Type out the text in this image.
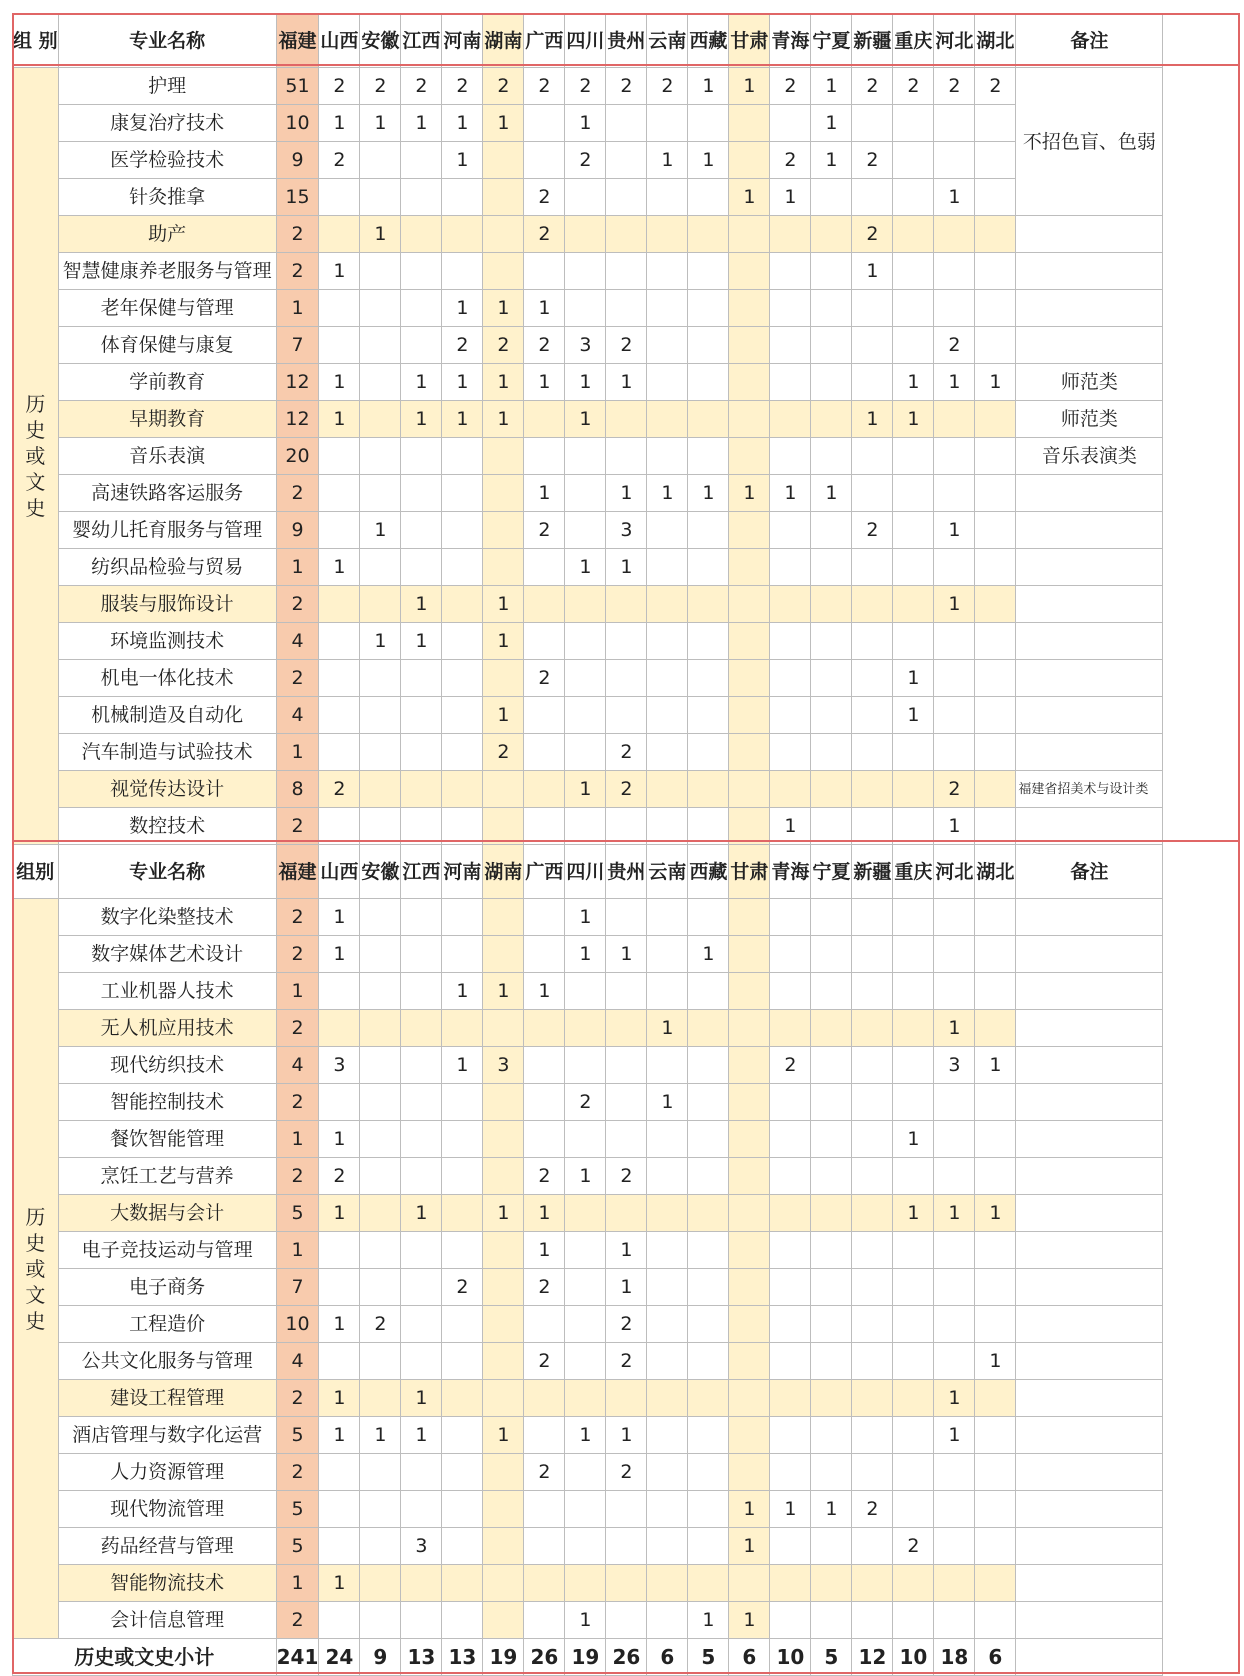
组 别	专业名称	福建	山西	安徽	江西	河南	湖南	广西	四川	贵州	云南	西藏	甘肃	青海	宁夏	新疆	重庆	河北	湖北	备注

历
史
或
文
史	护理	51	2	2	2	2	2	2	2	2	2	1	1	2	1	2	2	2	2	不招色盲、色弱
	康复治疗技术	10	1	1	1	1	1		1						1					
	医学检验技术	9	2			1			2		1	1		2	1	2				
	针灸推拿	15						2					1	1				1		
	助产	2		1				2								2				
	智慧健康养老服务与管理	2	1													1				
	老年保健与管理	1				1	1	1												
	体育保健与康复	7				2	2	2	3	2								2		
	学前教育	12	1		1	1	1	1	1	1							1	1	1	师范类
	早期教育	12	1		1	1	1		1							1	1			师范类
	音乐表演	20																		音乐表演类
	高速铁路客运服务	2						1		1	1	1	1	1	1					
	婴幼儿托育服务与管理	9		1				2		3						2		1		
	纺织品检验与贸易	1	1						1	1										
	服装与服饰设计	2			1		1											1		
	环境监测技术	4		1	1		1													
	机电一体化技术	2						2									1			
	机械制造及自动化	4					1										1			
	汽车制造与试验技术	1					2			2										
	视觉传达设计	8	2						1	2								2		福建省招美术与设计类
	数控技术	2												1				1		
组别	专业名称	福建	山西	安徽	江西	河南	湖南	广西	四川	贵州	云南	西藏	甘肃	青海	宁夏	新疆	重庆	河北	湖北	备注

历
史
或
文
史	数字化染整技术	2	1						1											
	数字媒体艺术设计	2	1						1	1		1								
	工业机器人技术	1				1	1	1												
	无人机应用技术	2									1							1		
	现代纺织技术	4	3			1	3							2				3	1	
	智能控制技术	2							2		1									
	餐饮智能管理	1	1														1			
	烹饪工艺与营养	2	2					2	1	2										
	大数据与会计	5	1		1		1	1									1	1	1	
	电子竞技运动与管理	1						1		1										
	电子商务	7				2		2		1										
	工程造价	10	1	2						2										
	公共文化服务与管理	4						2		2									1	
	建设工程管理	2	1		1													1		
	酒店管理与数字化运营	5	1	1	1		1		1	1								1		
	人力资源管理	2						2		2										
	现代物流管理	5											1	1	1	2				
	药品经营与管理	5			3								1				2			
	智能物流技术	1	1																	
	会计信息管理	2							1			1	1							
历史或文史小计		241	24	9	13	13	19	26	19	26	6	5	6	10	5	12	10	18	6	
